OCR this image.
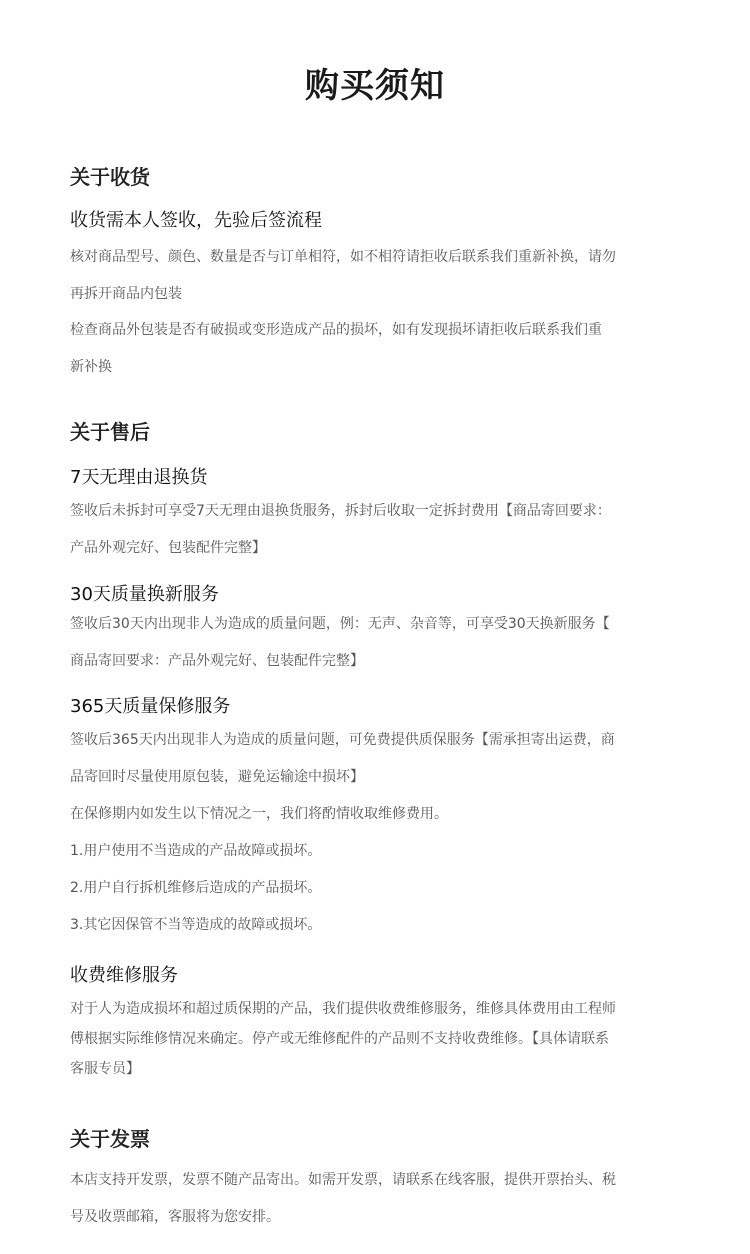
购买须知
关于收货
收货需本人签收，先验后签流程
核对商品型号、颜色、数量是否与订单相符，如不相符请拒收后联系我们重新补换，请勿
再拆开商品内包装
检查商品外包装是否有破损或变形造成产品的损坏，如有发现损坏请拒收后联系我们重
新补换
关于售后
7天无理由退换货
签收后未拆封可享受7天无理由退换货服务，拆封后收取一定拆封费用【商品寄回要求：
产品外观完好、包装配件完整】
30天质量换新服务
签收后30天内出现非人为造成的质量问题，例：无声、杂音等，可享受30天换新服务【
商品寄回要求：产品外观完好、包装配件完整】
365天质量保修服务
签收后365天内出现非人为造成的质量问题，可免费提供质保服务【需承担寄出运费，商
品寄回时尽量使用原包装，避免运输途中损坏】
在保修期内如发生以下情况之一，我们将酌情收取维修费用。
1.用户使用不当造成的产品故障或损坏。
2.用户自行拆机维修后造成的产品损坏。
3.其它因保管不当等造成的故障或损坏。
收费维修服务
对于人为造成损坏和超过质保期的产品，我们提供收费维修服务，维修具体费用由工程师
傅根据实际维修情况来确定。停产或无维修配件的产品则不支持收费维修。【具体请联系
客服专员】
关于发票
本店支持开发票，发票不随产品寄出。如需开发票，请联系在线客服，提供开票抬头、税
号及收票邮箱，客服将为您安排。
